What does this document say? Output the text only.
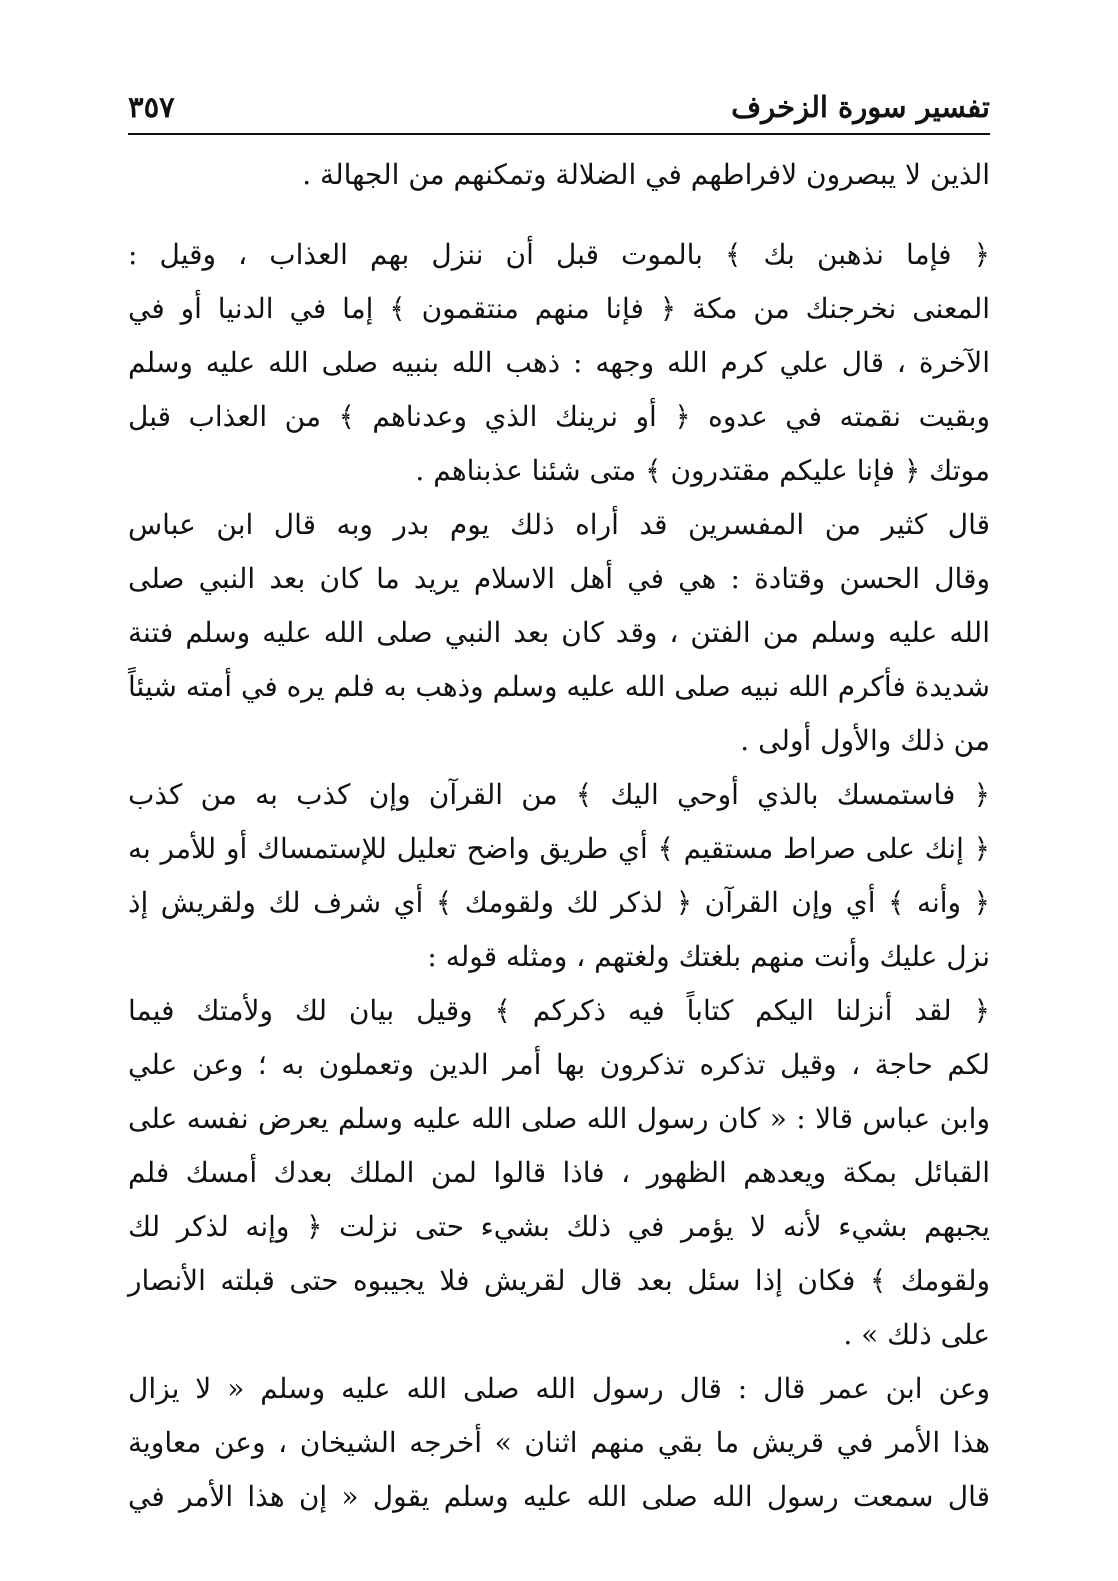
تفسير سورة الزخرف
٣٥٧
الذين لا يبصرون لافراطهم في الضلالة وتمكنهم من الجهالة .
﴿ فإما نذهبن بك ﴾ بالموت قبل أن ننزل بهم العذاب ، وقيل :
المعنى نخرجنك من مكة ﴿ فإنا منهم منتقمون ﴾ إما في الدنيا أو في
الآخرة ، قال علي كرم الله وجهه : ذهب الله بنبيه صلى الله عليه وسلم
وبقيت نقمته في عدوه ﴿ أو نرينك الذي وعدناهم ﴾ من العذاب قبل
موتك ﴿ فإنا عليكم مقتدرون ﴾ متى شئنا عذبناهم .
قال كثير من المفسرين قد أراه ذلك يوم بدر وبه قال ابن عباس
وقال الحسن وقتادة : هي في أهل الاسلام يريد ما كان بعد النبي صلى
الله عليه وسلم من الفتن ، وقد كان بعد النبي صلى الله عليه وسلم فتنة
شديدة فأكرم الله نبيه صلى الله عليه وسلم وذهب به فلم يره في أمته شيئاً
من ذلك والأول أولى .
﴿ فاستمسك بالذي أوحي اليك ﴾ من القرآن وإن كذب به من كذب
﴿ إنك على صراط مستقيم ﴾ أي طريق واضح تعليل للإستمساك أو للأمر به
﴿ وأنه ﴾ أي وإن القرآن ﴿ لذكر لك ولقومك ﴾ أي شرف لك ولقريش إذ
نزل عليك وأنت منهم بلغتك ولغتهم ، ومثله قوله :
﴿ لقد أنزلنا اليكم كتاباً فيه ذكركم ﴾ وقيل بيان لك ولأمتك فيما
لكم حاجة ، وقيل تذكره تذكرون بها أمر الدين وتعملون به ؛ وعن علي
وابن عباس قالا : « كان رسول الله صلى الله عليه وسلم يعرض نفسه على
القبائل بمكة ويعدهم الظهور ، فاذا قالوا لمن الملك بعدك أمسك فلم
يجبهم بشيء لأنه لا يؤمر في ذلك بشيء حتى نزلت ﴿ وإنه لذكر لك
ولقومك ﴾ فكان إذا سئل بعد قال لقريش فلا يجيبوه حتى قبلته الأنصار
على ذلك » .
وعن ابن عمر قال : قال رسول الله صلى الله عليه وسلم « لا يزال
هذا الأمر في قريش ما بقي منهم اثنان » أخرجه الشيخان ، وعن معاوية
قال سمعت رسول الله صلى الله عليه وسلم يقول « إن هذا الأمر في
